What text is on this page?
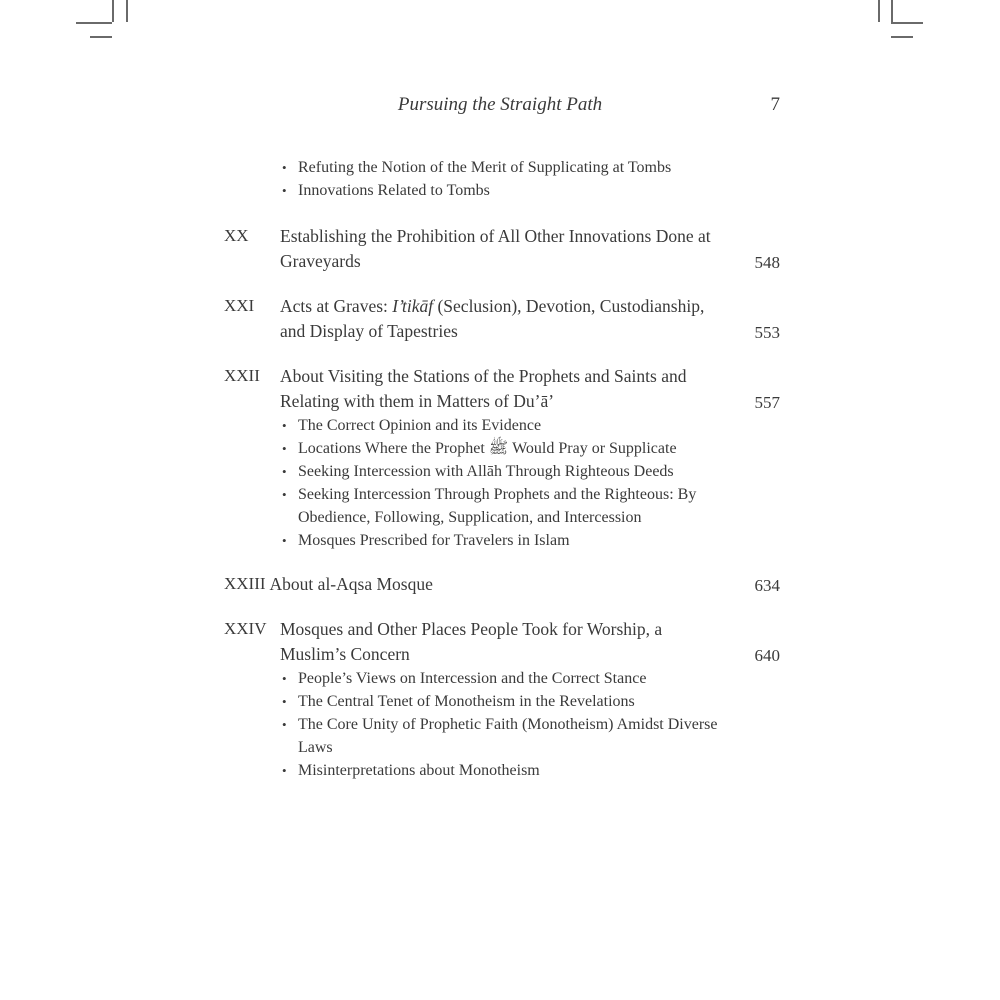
Pursuing the Straight Path	7
• Refuting the Notion of the Merit of Supplicating at Tombs
• Innovations Related to Tombs
XX	Establishing the Prohibition of All Other Innovations Done at Graveyards	548
XXI	Acts at Graves: I’tikāf (Seclusion), Devotion, Custodianship, and Display of Tapestries	553
XXII	About Visiting the Stations of the Prophets and Saints and Relating with them in Matters of Du’ā’	557
• The Correct Opinion and its Evidence
• Locations Where the Prophet ﷺ Would Pray or Supplicate
• Seeking Intercession with Allāh Through Righteous Deeds
• Seeking Intercession Through Prophets and the Righteous: By Obedience, Following, Supplication, and Intercession
• Mosques Prescribed for Travelers in Islam
XXIII About al-Aqsa Mosque	634
XXIV Mosques and Other Places People Took for Worship, a Muslim’s Concern	640
• People’s Views on Intercession and the Correct Stance
• The Central Tenet of Monotheism in the Revelations
• The Core Unity of Prophetic Faith (Monotheism) Amidst Diverse Laws
• Misinterpretations about Monotheism
